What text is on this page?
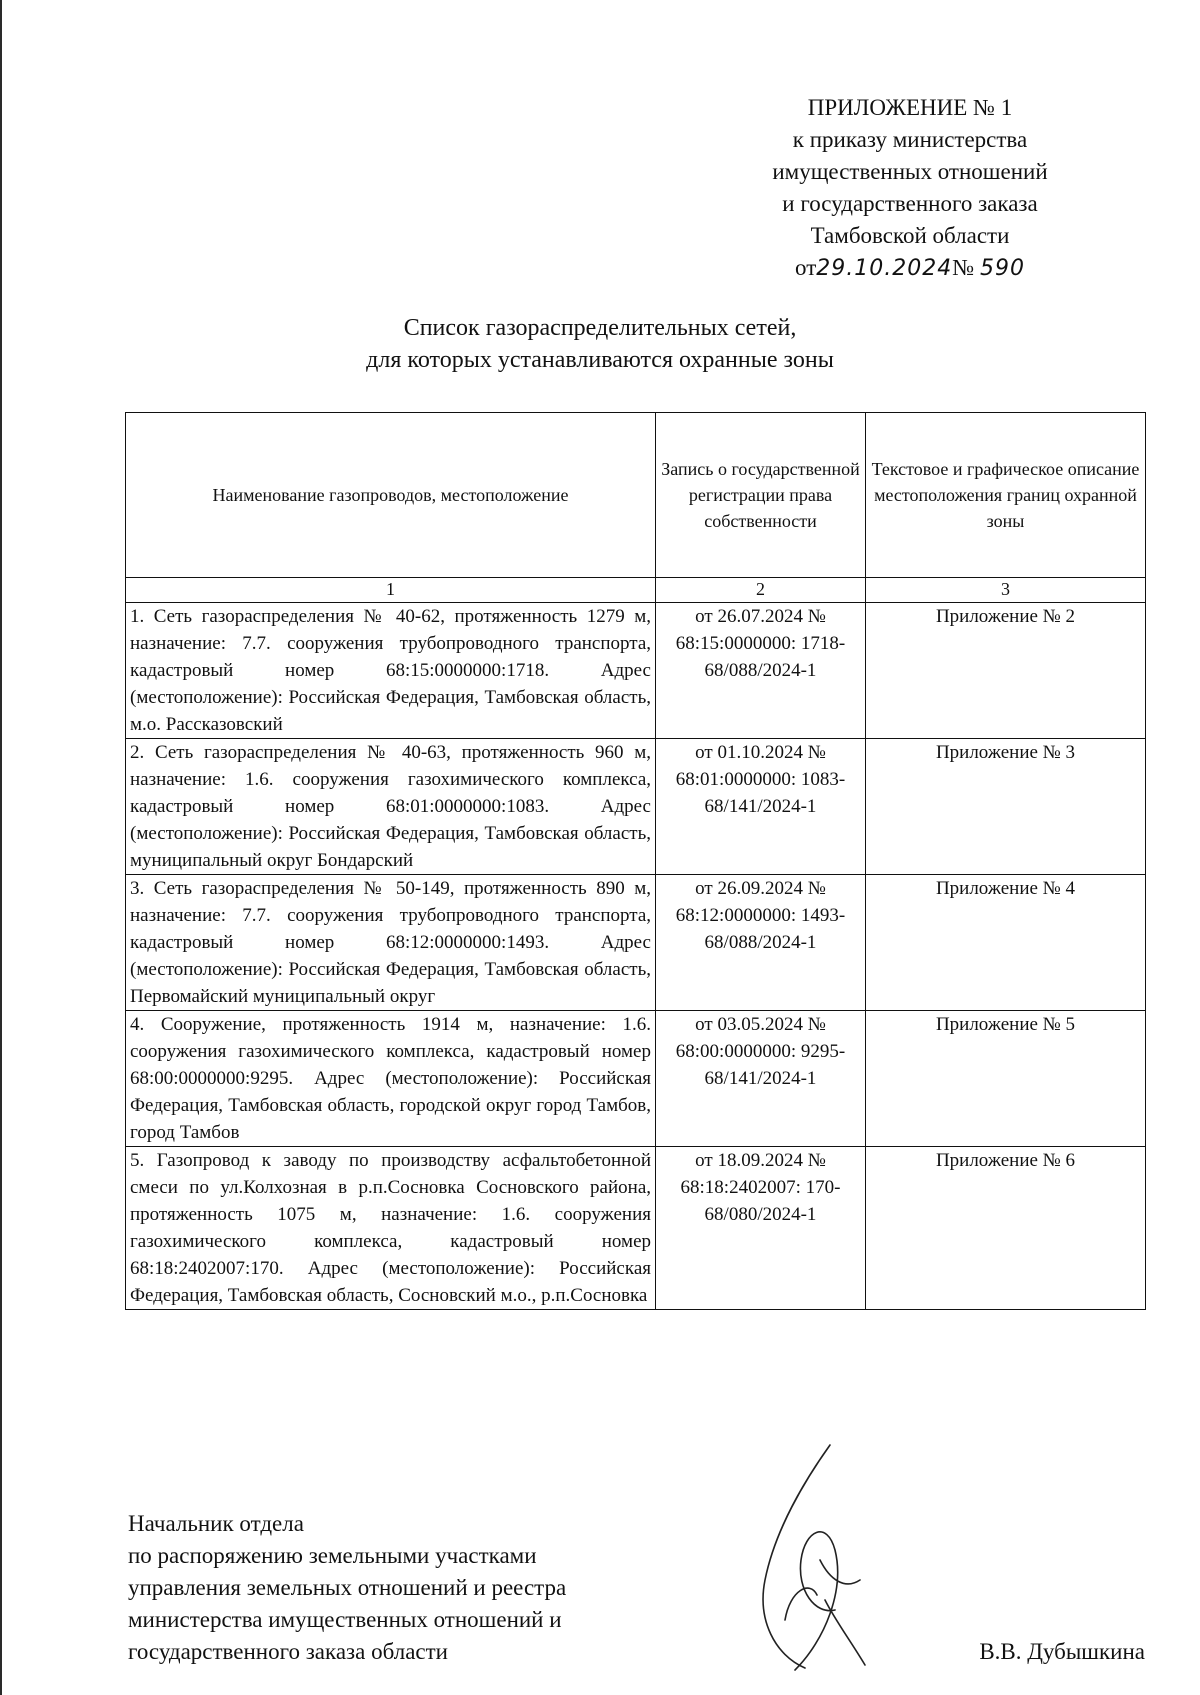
ПРИЛОЖЕНИЕ № 1
к приказу министерства
имущественных отношений
и государственного заказа
Тамбовской области
от29.10.2024№ 590
Список газораспределительных сетей,
для которых устанавливаются охранные зоны
Наименование газопроводов, местоположение	Запись о государственной регистрации права собственности	Текстовое и графическое описание местоположения границ охранной зоны
1	2	3
1. Сеть газораспределения № 40-62, протяженность 1279 м, назначение: 7.7. сооружения трубопроводного транспорта, кадастровый номер 68:15:0000000:1718. Адрес (местоположение): Российская Федерация, Тамбовская область, м.о. Рассказовский	от 26.07.2024 № 68:15:0000000: 1718-68/088/2024-1	Приложение № 2
2. Сеть газораспределения № 40-63, протяженность 960 м, назначение: 1.6. сооружения газохимического комплекса, кадастровый номер 68:01:0000000:1083. Адрес (местоположение): Российская Федерация, Тамбовская область, муниципальный округ Бондарский	от 01.10.2024 № 68:01:0000000: 1083-68/141/2024-1	Приложение № 3
3. Сеть газораспределения № 50-149, протяженность 890 м, назначение: 7.7. сооружения трубопроводного транспорта, кадастровый номер 68:12:0000000:1493. Адрес (местоположение): Российская Федерация, Тамбовская область, Первомайский муниципальный округ	от 26.09.2024 № 68:12:0000000: 1493-68/088/2024-1	Приложение № 4
4. Сооружение, протяженность 1914 м, назначение: 1.6. сооружения газохимического комплекса, кадастровый номер 68:00:0000000:9295. Адрес (местоположение): Российская Федерация, Тамбовская область, городской округ город Тамбов, город Тамбов	от 03.05.2024 № 68:00:0000000: 9295-68/141/2024-1	Приложение № 5
5. Газопровод к заводу по производству асфальтобетонной смеси по ул.Колхозная в р.п.Сосновка Сосновского района, протяженность 1075 м, назначение: 1.6. сооружения газохимического комплекса, кадастровый номер 68:18:2402007:170. Адрес (местоположение): Российская Федерация, Тамбовская область, Сосновский м.о., р.п.Сосновка	от 18.09.2024 № 68:18:2402007: 170-68/080/2024-1	Приложение № 6
Начальник отдела
по распоряжению земельными участками
управления земельных отношений и реестра
министерства имущественных отношений и
государственного заказа области	В.В. Дубышкина
